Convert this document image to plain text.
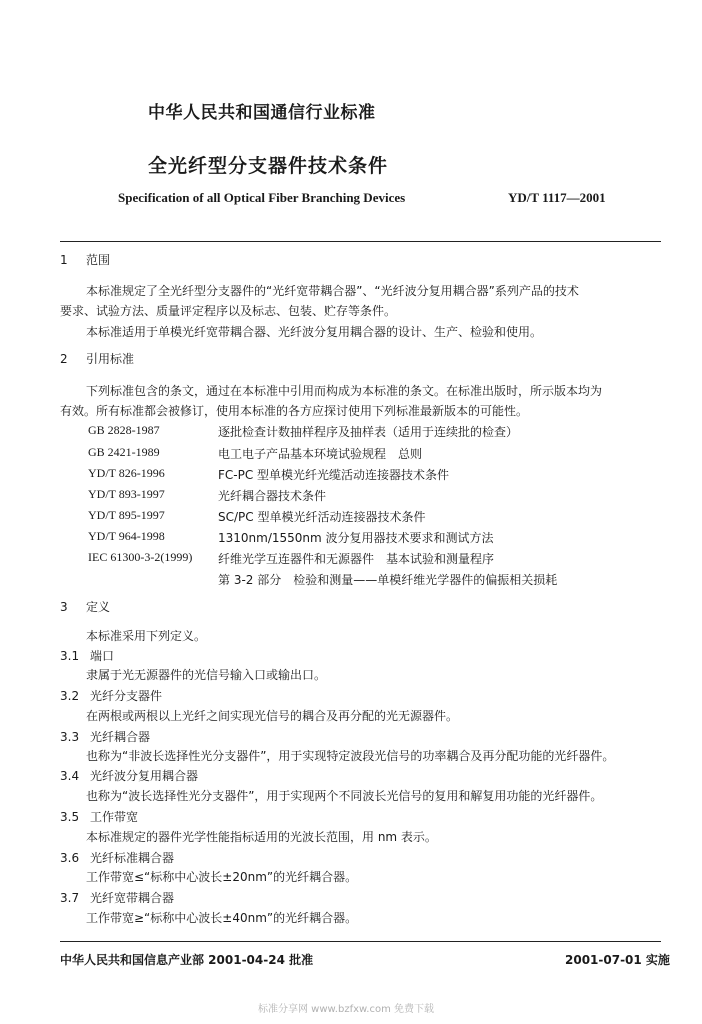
中华人民共和国通信行业标准
全光纤型分支器件技术条件
Specification of all Optical Fiber Branching Devices	YD/T 1117—2001
1 范围
本标准规定了全光纤型分支器件的“光纤宽带耦合器”、“光纤波分复用耦合器”系列产品的技术
要求、试验方法、质量评定程序以及标志、包装、贮存等条件。
本标准适用于单模光纤宽带耦合器、光纤波分复用耦合器的设计、生产、检验和使用。
2 引用标准
下列标准包含的条文，通过在本标准中引用而构成为本标准的条文。在标准出版时，所示版本均为
有效。所有标准都会被修订，使用本标准的各方应探讨使用下列标准最新版本的可能性。
GB 2828-1987	逐批检查计数抽样程序及抽样表（适用于连续批的检查）
GB 2421-1989	电工电子产品基本环境试验规程　总则
YD/T 826-1996	FC-PC 型单模光纤光缆活动连接器技术条件
YD/T 893-1997	光纤耦合器技术条件
YD/T 895-1997	SC/PC 型单模光纤活动连接器技术条件
YD/T 964-1998	1310nm/1550nm 波分复用器技术要求和测试方法
IEC 61300-3-2(1999) 纤维光学互连器件和无源器件　基本试验和测量程序
第 3-2 部分　检验和测量——单模纤维光学器件的偏振相关损耗
3 定义
本标准采用下列定义。
3.1 端口
隶属于光无源器件的光信号输入口或输出口。
3.2 光纤分支器件
在两根或两根以上光纤之间实现光信号的耦合及再分配的光无源器件。
3.3 光纤耦合器
也称为“非波长选择性光分支器件”，用于实现特定波段光信号的功率耦合及再分配功能的光纤器件。
3.4 光纤波分复用耦合器
也称为“波长选择性光分支器件”，用于实现两个不同波长光信号的复用和解复用功能的光纤器件。
3.5 工作带宽
本标准规定的器件光学性能指标适用的光波长范围，用 nm 表示。
3.6 光纤标准耦合器
工作带宽≤“标称中心波长±20nm”的光纤耦合器。
3.7 光纤宽带耦合器
工作带宽≥“标称中心波长±40nm”的光纤耦合器。
中华人民共和国信息产业部 2001-04-24 批准	2001-07-01 实施
标准分享网 www.bzfxw.com 免费下载
